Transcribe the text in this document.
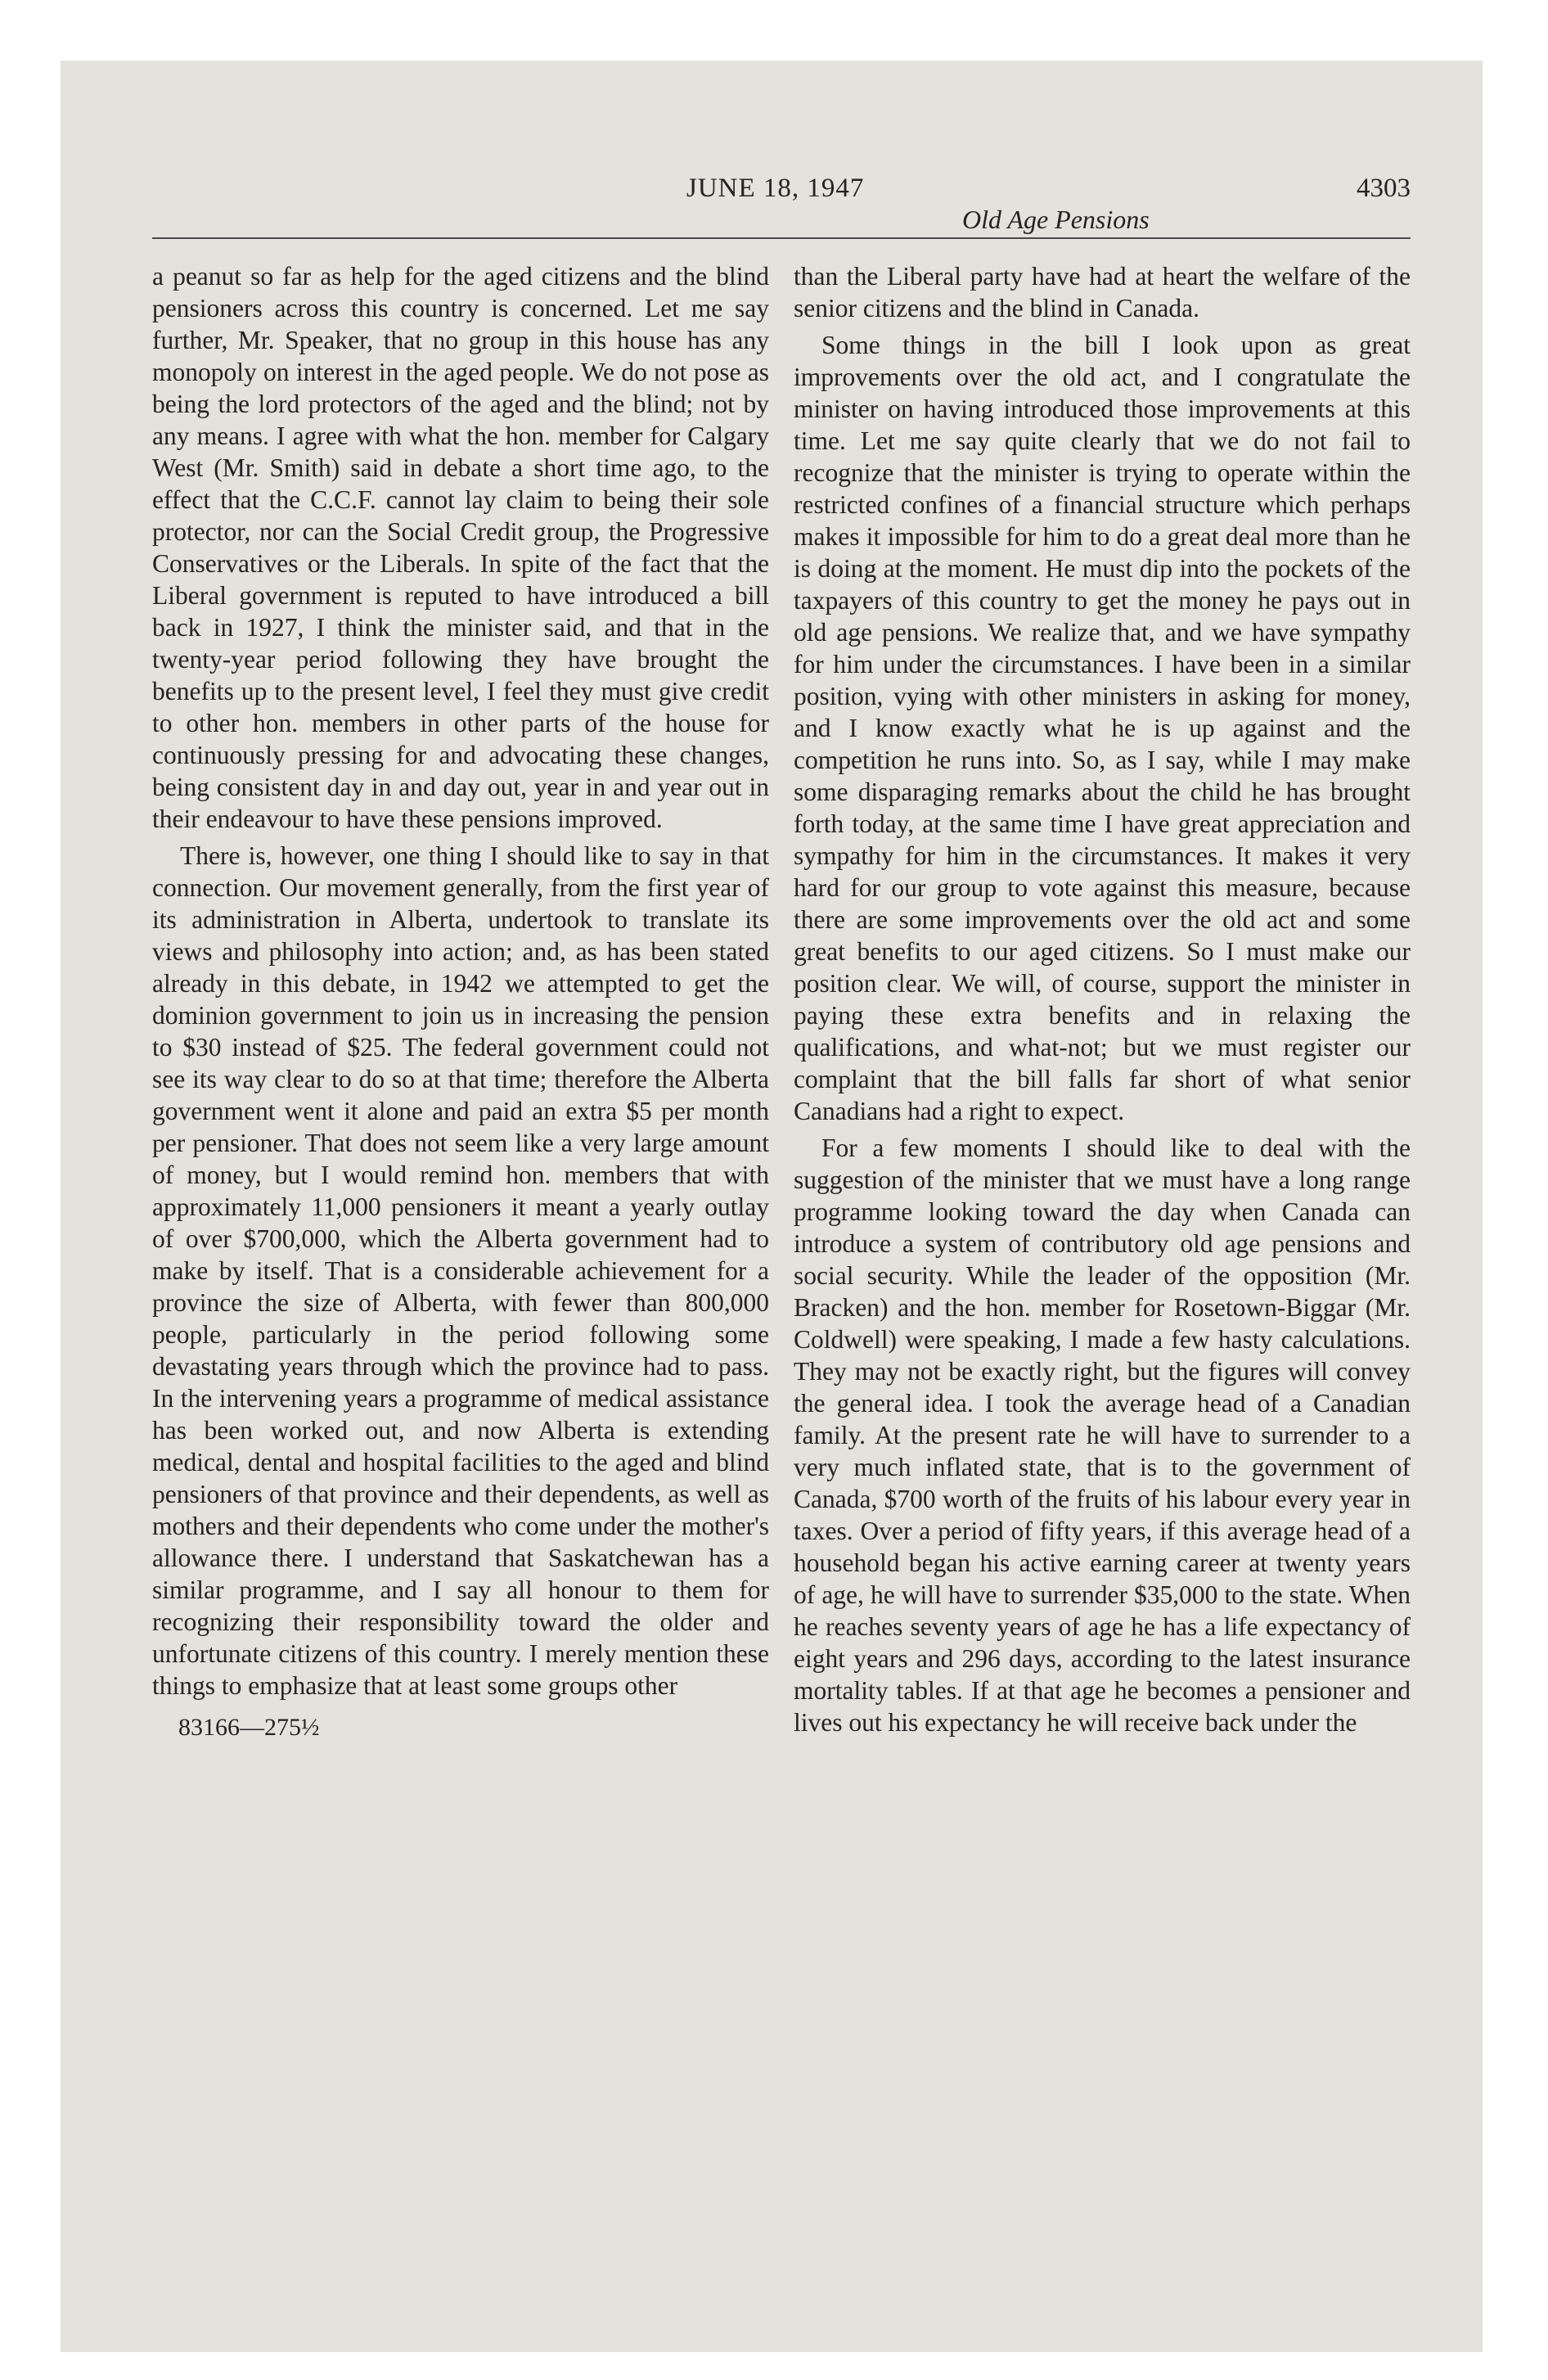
JUNE 18, 1947
Old Age Pensions
4303

a peanut so far as help for the aged citizens and the blind pensioners across this country is concerned. Let me say further, Mr. Speaker, that no group in this house has any monopoly on interest in the aged people. We do not pose as being the lord protectors of the aged and the blind; not by any means. I agree with what the hon. member for Calgary West (Mr. Smith) said in debate a short time ago, to the effect that the C.C.F. cannot lay claim to being their sole protector, nor can the Social Credit group, the Progressive Conservatives or the Liberals. In spite of the fact that the Liberal government is reputed to have introduced a bill back in 1927, I think the minister said, and that in the twenty-year period following they have brought the benefits up to the present level, I feel they must give credit to other hon. members in other parts of the house for continuously pressing for and advocating these changes, being consistent day in and day out, year in and year out in their endeavour to have these pensions improved.

There is, however, one thing I should like to say in that connection. Our movement generally, from the first year of its administration in Alberta, undertook to translate its views and philosophy into action; and, as has been stated already in this debate, in 1942 we attempted to get the dominion government to join us in increasing the pension to $30 instead of $25. The federal government could not see its way clear to do so at that time; therefore the Alberta government went it alone and paid an extra $5 per month per pensioner. That does not seem like a very large amount of money, but I would remind hon. members that with approximately 11,000 pensioners it meant a yearly outlay of over $700,000, which the Alberta government had to make by itself. That is a considerable achievement for a province the size of Alberta, with fewer than 800,000 people, particularly in the period following some devastating years through which the province had to pass. In the intervening years a programme of medical assistance has been worked out, and now Alberta is extending medical, dental and hospital facilities to the aged and blind pensioners of that province and their dependents, as well as mothers and their dependents who come under the mother's allowance there. I understand that Saskatchewan has a similar programme, and I say all honour to them for recognizing their responsibility toward the older and unfortunate citizens of this country. I merely mention these things to emphasize that at least some groups other

83166—275½

than the Liberal party have had at heart the welfare of the senior citizens and the blind in Canada.

Some things in the bill I look upon as great improvements over the old act, and I congratulate the minister on having introduced those improvements at this time. Let me say quite clearly that we do not fail to recognize that the minister is trying to operate within the restricted confines of a financial structure which perhaps makes it impossible for him to do a great deal more than he is doing at the moment. He must dip into the pockets of the taxpayers of this country to get the money he pays out in old age pensions. We realize that, and we have sympathy for him under the circumstances. I have been in a similar position, vying with other ministers in asking for money, and I know exactly what he is up against and the competition he runs into. So, as I say, while I may make some disparaging remarks about the child he has brought forth today, at the same time I have great appreciation and sympathy for him in the circumstances. It makes it very hard for our group to vote against this measure, because there are some improvements over the old act and some great benefits to our aged citizens. So I must make our position clear. We will, of course, support the minister in paying these extra benefits and in relaxing the qualifications, and what-not; but we must register our complaint that the bill falls far short of what senior Canadians had a right to expect.

For a few moments I should like to deal with the suggestion of the minister that we must have a long range programme looking toward the day when Canada can introduce a system of contributory old age pensions and social security. While the leader of the opposition (Mr. Bracken) and the hon. member for Rosetown-Biggar (Mr. Coldwell) were speaking, I made a few hasty calculations. They may not be exactly right, but the figures will convey the general idea. I took the average head of a Canadian family. At the present rate he will have to surrender to a very much inflated state, that is to the government of Canada, $700 worth of the fruits of his labour every year in taxes. Over a period of fifty years, if this average head of a household began his active earning career at twenty years of age, he will have to surrender $35,000 to the state. When he reaches seventy years of age he has a life expectancy of eight years and 296 days, according to the latest insurance mortality tables. If at that age he becomes a pensioner and lives out his expectancy he will receive back under the
